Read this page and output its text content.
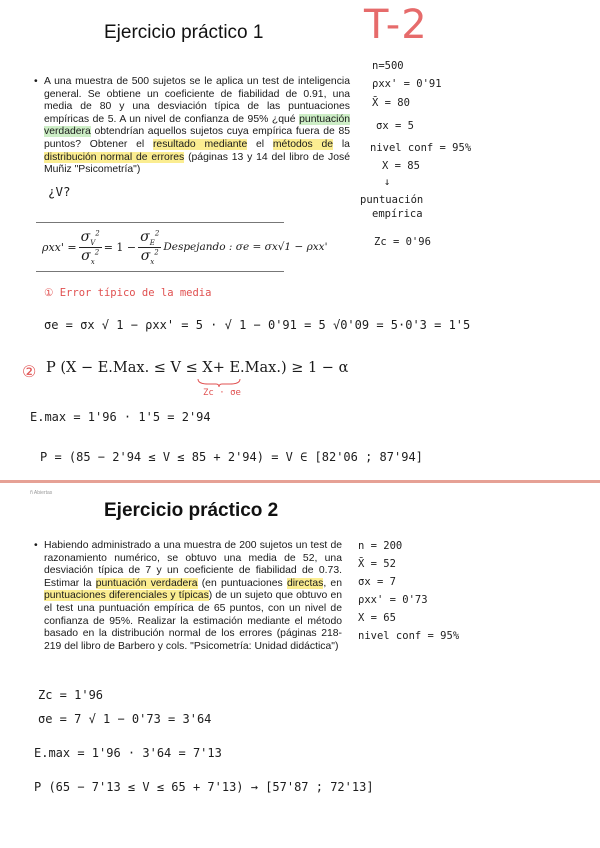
Ejercicio práctico 1	T-2
• A una muestra de 500 sujetos se le aplica un test de inteligencia general. Se obtiene un coeficiente de fiabilidad de 0.91, una media de 80 y una desviación típica de las puntuaciones empíricas de 5. A un nivel de confianza de 95% ¿qué puntuación verdadera obtendrían aquellos sujetos cuya empírica fuera de 85 puntos? Obtener el resultado mediante el métodos de la distribución normal de errores (páginas 13 y 14 del libro de José Muñiz "Psicometría")
n=500
ρxx' = 0'91
X̄ = 80
σx = 5
nivel conf = 95%
X = 85
↓
puntuación
empírica
Zc = 0'96
¿V?
$\rho xx' = \frac{\sigma_V^2}{\sigma_x^2} = 1 - \frac{\sigma_E^2}{\sigma_x^2}$ Despejando : σe = σx√1 − ρxx'
① Error típico de la media
σe = σx √ 1 − ρxx' = 5 · √ 1 − 0'91 = 5 √0'09 = 5·0'3 = 1'5
② P (X − E.Max. ≤ V ≤ X+ E.Max.) ≥ 1 − α
Zc · σe
E.max = 1'96 · 1'5 = 2'94
P = (85 − 2'94 ≤ V ≤ 85 + 2'94) = V ∈ [82'06 ; 87'94]
ñ Abiertas
Ejercicio práctico 2
• Habiendo administrado a una muestra de 200 sujetos un test de razonamiento numérico, se obtuvo una media de 52, una desviación típica de 7 y un coeficiente de fiabilidad de 0.73. Estimar la puntuación verdadera (en puntuaciones directas, en puntuaciones diferenciales y típicas) de un sujeto que obtuvo en el test una puntuación empírica de 65 puntos, con un nivel de confianza de 95%. Realizar la estimación mediante el método basado en la distribución normal de los errores (páginas 218-219 del libro de Barbero y cols. "Psicometría: Unidad didáctica")
n = 200
X̄ = 52
σx = 7
ρxx' = 0'73
X = 65
nivel conf = 95%
Zc = 1'96
σe = 7 √ 1 − 0'73 = 3'64
E.max = 1'96 · 3'64 = 7'13
P (65 − 7'13 ≤ V ≤ 65 + 7'13) → [57'87 ; 72'13]
